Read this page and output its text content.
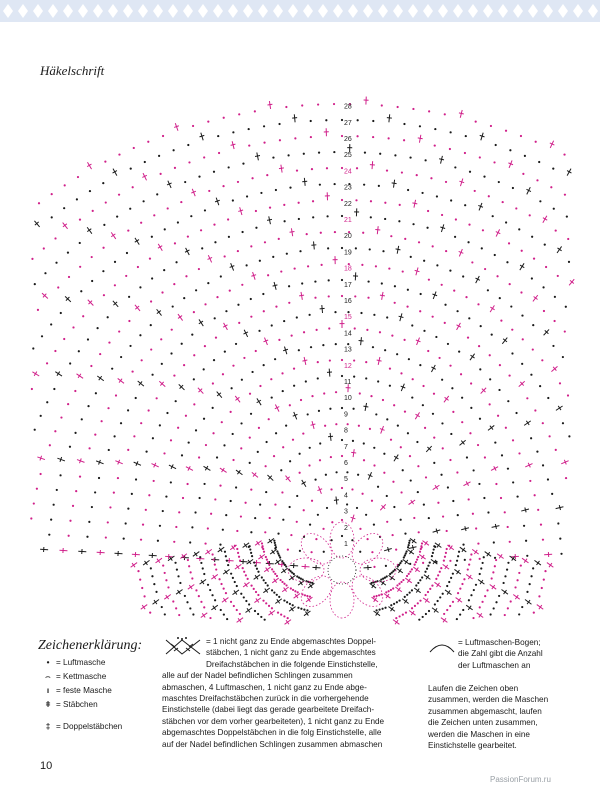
Häkelschrift
1
2
3
4
5
6
7
8
9
10
11
12
13
14
15
16
17
18
19
20
21
22
23
24
25
26
27
28
Zeichenerklärung:
• = Luftmasche
⌢ = Kettmasche
ı = feste Masche
ǂ = Stäbchen
‡ = Doppelstäbchen
= 1 nicht ganz zu Ende abgemaschtes Doppel-
stäbchen, 1 nicht ganz zu Ende abgemaschtes
Dreifachstäbchen in die folgende Einstichstelle,
alle auf der Nadel befindlichen Schlingen zusammen
abmaschen, 4 Luftmaschen, 1 nicht ganz zu Ende abge-
maschtes Dreifachstäbchen zurück in die vorhergehende
Einstichstelle (dabei liegt das gerade gearbeitete Dreifach-
stäbchen vor dem vorher gearbeiteten), 1 nicht ganz zu Ende
abgemaschtes Doppelstäbchen in die folg Einstichstelle, alle
auf der Nadel befindlichen Schlingen zusammen abmaschen
= Luftmaschen-Bogen;
die Zahl gibt die Anzahl
der Luftmaschen an
Laufen die Zeichen oben
zusammen, werden die Maschen
zusammen abgemascht, laufen
die Zeichen unten zusammen,
werden die Maschen in eine
Einstichstelle gearbeitet.
10
PassionForum.ru
